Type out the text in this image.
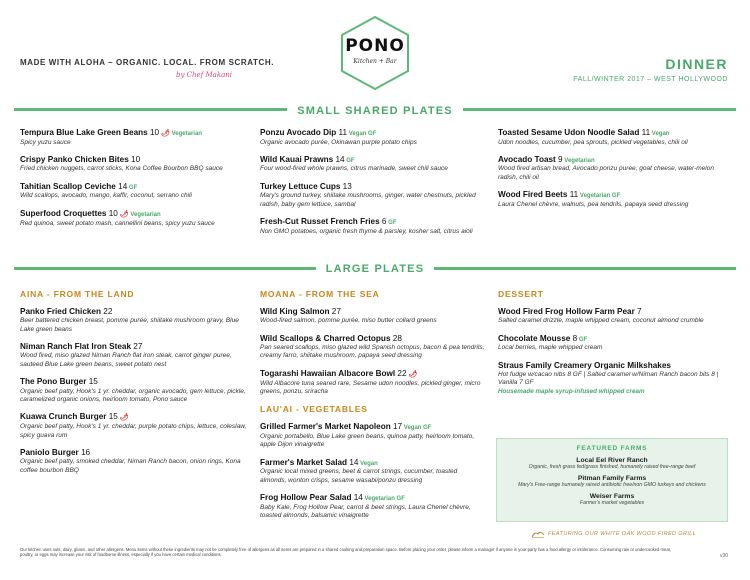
MADE WITH ALOHA – ORGANIC. LOCAL. FROM SCRATCH.
by Chef Makani
PONO
Kitchen + Bar	DINNER
FALL/WINTER 2017 – WEST HOLLYWOOD
SMALL SHARED PLATES
Tempura Blue Lake Green Beans 10 🌶 Vegetarian
Spicy yuzu sauce
Crispy Panko Chicken Bites 10
Fried chicken nuggets, carrot sticks, Kona Coffee Bourbon BBQ sauce
Tahitian Scallop Ceviche 14 GF
Wild scallops, avocado, mango, kaffir, coconut, serrano chili
Superfood Croquettes 10 🌶 Vegetarian
Red quinoa, sweet potato mash, cannellini beans, spicy yuzu sauce
Ponzu Avocado Dip 11 Vegan GF
Organic avocado purée, Okinawan purple potato chips
Wild Kauai Prawns 14 GF
Four wood-fired whole prawns, citrus marinade, sweet chili sauce
Turkey Lettuce Cups 13
Mary's ground turkey, shiitake mushrooms, ginger, water chestnuts, pickled radish, baby gem lettuce, sambal
Fresh-Cut Russet French Fries 6 GF
Non GMO potatoes, organic fresh thyme & parsley, kosher salt, citrus aioli
Toasted Sesame Udon Noodle Salad 11 Vegan
Udon noodles, cucumber, pea sprouts, pickled vegetables, chili oil
Avocado Toast 9 Vegetarian
Wood fired artisan bread, Avocado ponzu puree, goat cheese, water-melon radish, chili oil
Wood Fired Beets 11 Vegetarian GF
Laura Chenel chèvre, walnuts, pea tendrils, papaya seed dressing
LARGE PLATES
AINA - FROM THE LAND
Panko Fried Chicken 22
Beer battered chicken breast, pomme purée, shiitake mushroom gravy, Blue Lake green beans
Niman Ranch Flat Iron Steak 27
Wood fired, miso glazed Niman Ranch flat iron steak, carrot ginger puree, sauteed Blue Lake green beans, sweet potato nest
The Pono Burger 15
Organic beef patty, Hook's 1 yr. cheddar, organic avocado, gem lettuce, pickle, caramelized organic onions, heirloom tomato, Pono sauce
Kuawa Crunch Burger 15 🌶
Organic beef patty, Hook's 1 yr. cheddar, purple potato chips, lettuce, coleslaw, spicy guava rum
Paniolo Burger 16
Organic beef patty, smoked cheddar, Niman Ranch bacon, onion rings, Kona coffee bourbon BBQ
MOANA - FROM THE SEA
Wild King Salmon 27
Wood-fired salmon, pomme purée, miso butter collard greens
Wild Scallops & Charred Octopus 28
Pan seared scallops, miso glazed wild Spanish octopus, bacon & pea tendrils, creamy farro, shiitake mushroom, papaya seed dressing
Togarashi Hawaiian Albacore Bowl 22 🌶
Wild Albacore tuna seared rare, Sesame udon noodles, pickled ginger, micro greens, ponzu, sriracha
LAU'AI - VEGETABLES
Grilled Farmer's Market Napoleon 17 Vegan GF
Organic portabello, Blue Lake green beans, quinoa patty, heirloom tomato, apple Dijon vinaigrette
Farmer's Market Salad 14 Vegan
Organic local mixed greens, beet & carrot strings, cucumber, toasted almonds, wonton crisps, sesame wasabi/ponzu dressing
Frog Hollow Pear Salad 14 Vegetarian GF
Baby Kale, Frog Hollow Pear, carrot & beet strings, Laura Chenel chèvre, toasted almonds, balsamic vinaigrette
DESSERT
Wood Fired Frog Hollow Farm Pear 7
Salted caramel drizzle, maple whipped cream, coconut almond crumble
Chocolate Mousse 8 GF
Local berries, maple whipped cream
Straus Family Creamery Organic Milkshakes
Hot fudge w/cacao nibs 8 GF | Salted caramel w/Niman Ranch bacon bits 8 | Vanilla 7 GF
Housemade maple syrup-infused whipped cream
FEATURED FARMS
Local Eel River Ranch
Organic, fresh grass fed/grass finished, humanely raised free-range beef
Pitman Family Farms
Mary's Free-range humanely raised antibiotic free/non GMO turkeys and chickens
Weiser Farms
Farmer's market vegetables
FEATURING OUR WHITE OAK WOOD FIRED GRILL
Our kitchen uses nuts, dairy, gluten, and other allergens. Menu items without these ingredients may not be completely free of allergens as all items are prepared in a shared cooking and preparation space. Before placing your order, please inform a manager if anyone in your party has a food allergy or intolerance. Consuming raw or undercooked meat, poultry, or eggs may increase your risk of foodborne illness, especially if you have certain medical conditions.	v30
